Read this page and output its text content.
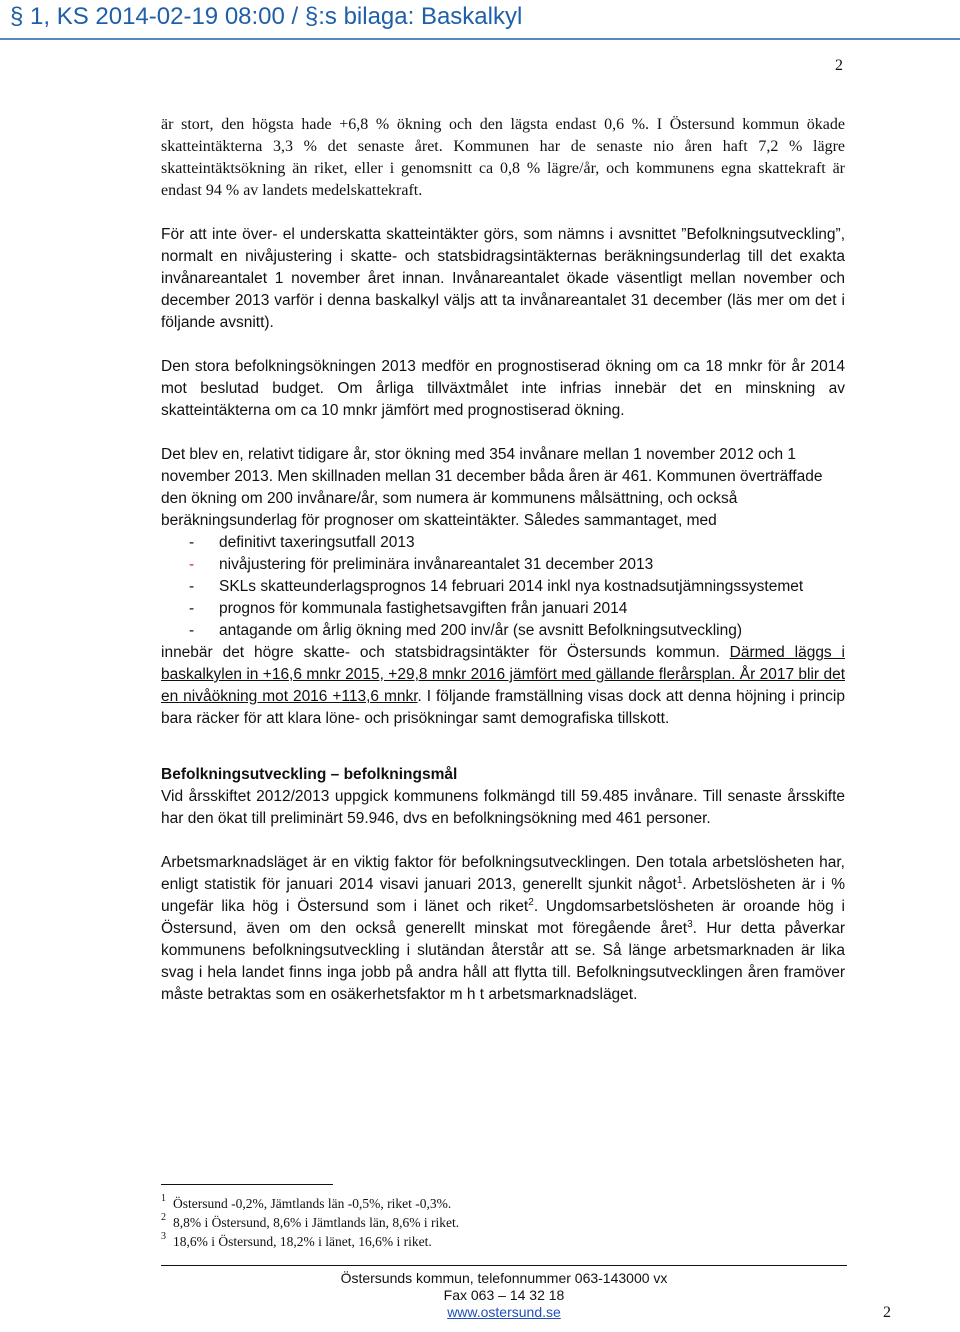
§ 1, KS 2014-02-19 08:00 / §:s bilaga: Baskalkyl
2

är stort, den högsta hade +6,8 % ökning och den lägsta endast 0,6 %. I Östersund kommun ökade skatteintäkterna 3,3 % det senaste året. Kommunen har de senaste nio åren haft 7,2 % lägre skatteintäktsökning än riket, eller i genomsnitt ca 0,8 % lägre/år, och kommunens egna skattekraft är endast 94 % av landets medelskattekraft.

För att inte över- el underskatta skatteintäkter görs, som nämns i avsnittet ”Befolkningsutveckling”, normalt en nivåjustering i skatte- och statsbidragsintäkternas beräkningsunderlag till det exakta invånareantalet 1 november året innan. Invånareantalet ökade väsentligt mellan november och december 2013 varför i denna baskalkyl väljs att ta invånareantalet 31 december (läs mer om det i följande avsnitt).

Den stora befolkningsökningen 2013 medför en prognostiserad ökning om ca 18 mnkr för år 2014 mot beslutad budget. Om årliga tillväxtmålet inte infrias innebär det en minskning av skatteintäkterna om ca 10 mnkr jämfört med prognostiserad ökning.

Det blev en, relativt tidigare år, stor ökning med 354 invånare mellan 1 november 2012 och 1 november 2013. Men skillnaden mellan 31 december båda åren är 461. Kommunen överträffade den ökning om 200 invånare/år, som numera är kommunens målsättning, och också beräkningsunderlag för prognoser om skatteintäkter. Således sammantaget, med
- definitivt taxeringsutfall 2013
- nivåjustering för preliminära invånareantalet 31 december 2013
- SKLs skatteunderlagsprognos 14 februari 2014 inkl nya kostnadsutjämningssystemet
- prognos för kommunala fastighetsavgiften från januari 2014
- antagande om årlig ökning med 200 inv/år (se avsnitt Befolkningsutveckling)

innebär det högre skatte- och statsbidragsintäkter för Östersunds kommun. Därmed läggs i baskalkylen in +16,6 mnkr 2015, +29,8 mnkr 2016 jämfört med gällande flerårsplan. År 2017 blir det en nivåökning mot 2016 +113,6 mnkr. I följande framställning visas dock att denna höjning i princip bara räcker för att klara löne- och prisökningar samt demografiska tillskott.

Befolkningsutveckling – befolkningsmål

Vid årsskiftet 2012/2013 uppgick kommunens folkmängd till 59.485 invånare. Till senaste årsskifte har den ökat till preliminärt 59.946, dvs en befolkningsökning med 461 personer.

Arbetsmarknadsläget är en viktig faktor för befolkningsutvecklingen. Den totala arbetslösheten har, enligt statistik för januari 2014 visavi januari 2013, generellt sjunkit något$^1$. Arbetslösheten är i % ungefär lika hög i Östersund som i länet och riket$^2$. Ungdomsarbetslösheten är oroande hög i Östersund, även om den också generellt minskat mot föregående året$^3$. Hur detta påverkar kommunens befolkningsutveckling i slutändan återstår att se. Så länge arbetsmarknaden är lika svag i hela landet finns inga jobb på andra håll att flytta till. Befolkningsutvecklingen åren framöver måste betraktas som en osäkerhetsfaktor m h t arbetsmarknadsläget.

1 Östersund -0,2%, Jämtlands län -0,5%, riket -0,3%.
2 8,8% i Östersund, 8,6% i Jämtlands län, 8,6% i riket.
3 18,6% i Östersund, 18,2% i länet, 16,6% i riket.
Östersunds kommun, telefonnummer 063-143000 vx
Fax 063 – 14 32 18
www.ostersund.se	2
